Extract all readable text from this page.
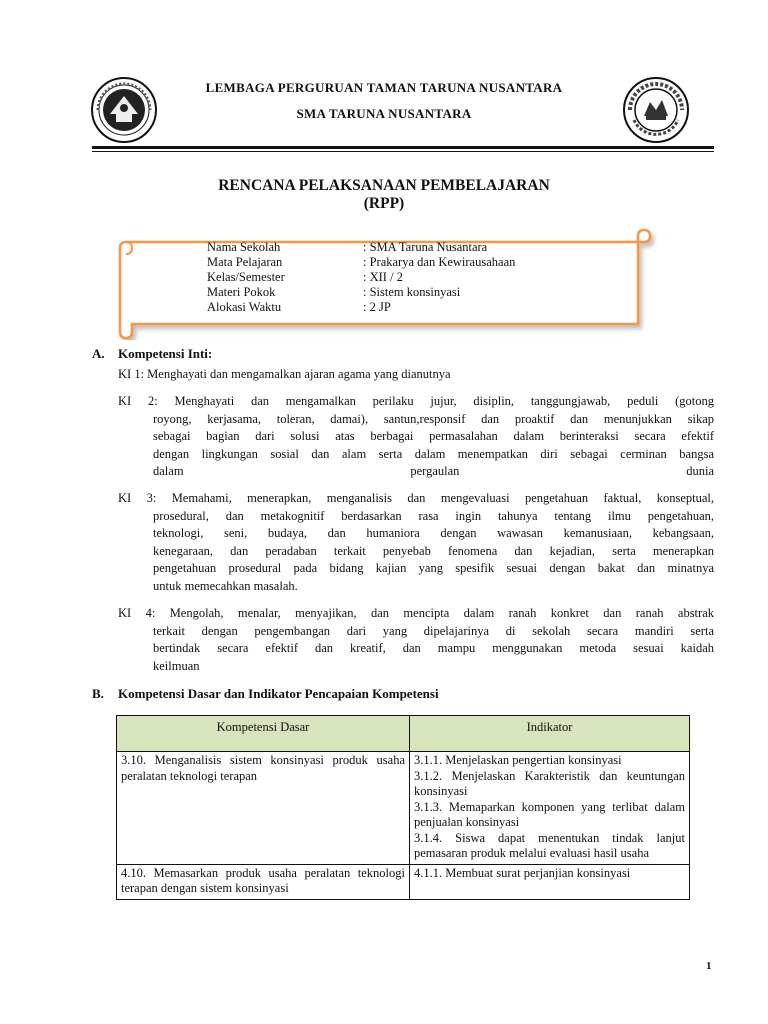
LEMBAGA PERGURUAN TAMAN TARUNA NUSANTARA
SMA TARUNA NUSANTARA
RENCANA PELAKSANAAN PEMBELAJARAN
(RPP)
Nama Sekolah	: SMA Taruna Nusantara
Mata Pelajaran	: Prakarya dan Kewirausahaan
Kelas/Semester	: XII / 2
Materi Pokok	: Sistem konsinyasi
Alokasi Waktu	: 2 JP
A. Kompetensi Inti:
KI 1: Menghayati dan mengamalkan ajaran agama yang dianutnya
KI 2: Menghayati dan mengamalkan perilaku jujur, disiplin, tanggungjawab, peduli (gotong
royong, kerjasama, toleran, damai), santun,responsif dan proaktif dan menunjukkan sikap
sebagai bagian dari solusi atas berbagai permasalahan dalam berinteraksi secara efektif
dengan lingkungan sosial dan alam serta dalam menempatkan diri sebagai cerminan bangsa
dalam pergaulan dunia
KI 3: Memahami, menerapkan, menganalisis dan mengevaluasi pengetahuan faktual, konseptual,
prosedural, dan metakognitif berdasarkan rasa ingin tahunya tentang ilmu pengetahuan,
teknologi, seni, budaya, dan humaniora dengan wawasan kemanusiaan, kebangsaan,
kenegaraan, dan peradaban terkait penyebab fenomena dan kejadian, serta menerapkan
pengetahuan prosedural pada bidang kajian yang spesifik sesuai dengan bakat dan minatnya
untuk memecahkan masalah.
KI 4: Mengolah, menalar, menyajikan, dan mencipta dalam ranah konkret dan ranah abstrak
terkait dengan pengembangan dari yang dipelajarinya di sekolah secara mandiri serta
bertindak secara efektif dan kreatif, dan mampu menggunakan metoda sesuai kaidah
keilmuan
B. Kompetensi Dasar dan Indikator Pencapaian Kompetensi
Kompetensi Dasar	Indikator
3.10. Menganalisis sistem konsinyasi produk usaha peralatan teknologi terapan	3.1.1. Menjelaskan pengertian konsinyasi
3.1.2. Menjelaskan Karakteristik dan keuntungan konsinyasi
3.1.3. Memaparkan komponen yang terlibat dalam penjualan konsinyasi
3.1.4. Siswa dapat menentukan tindak lanjut pemasaran produk melalui evaluasi hasil usaha

4.10. Memasarkan produk usaha peralatan teknologi terapan dengan sistem konsinyasi	4.1.1. Membuat surat perjanjian konsinyasi
1
